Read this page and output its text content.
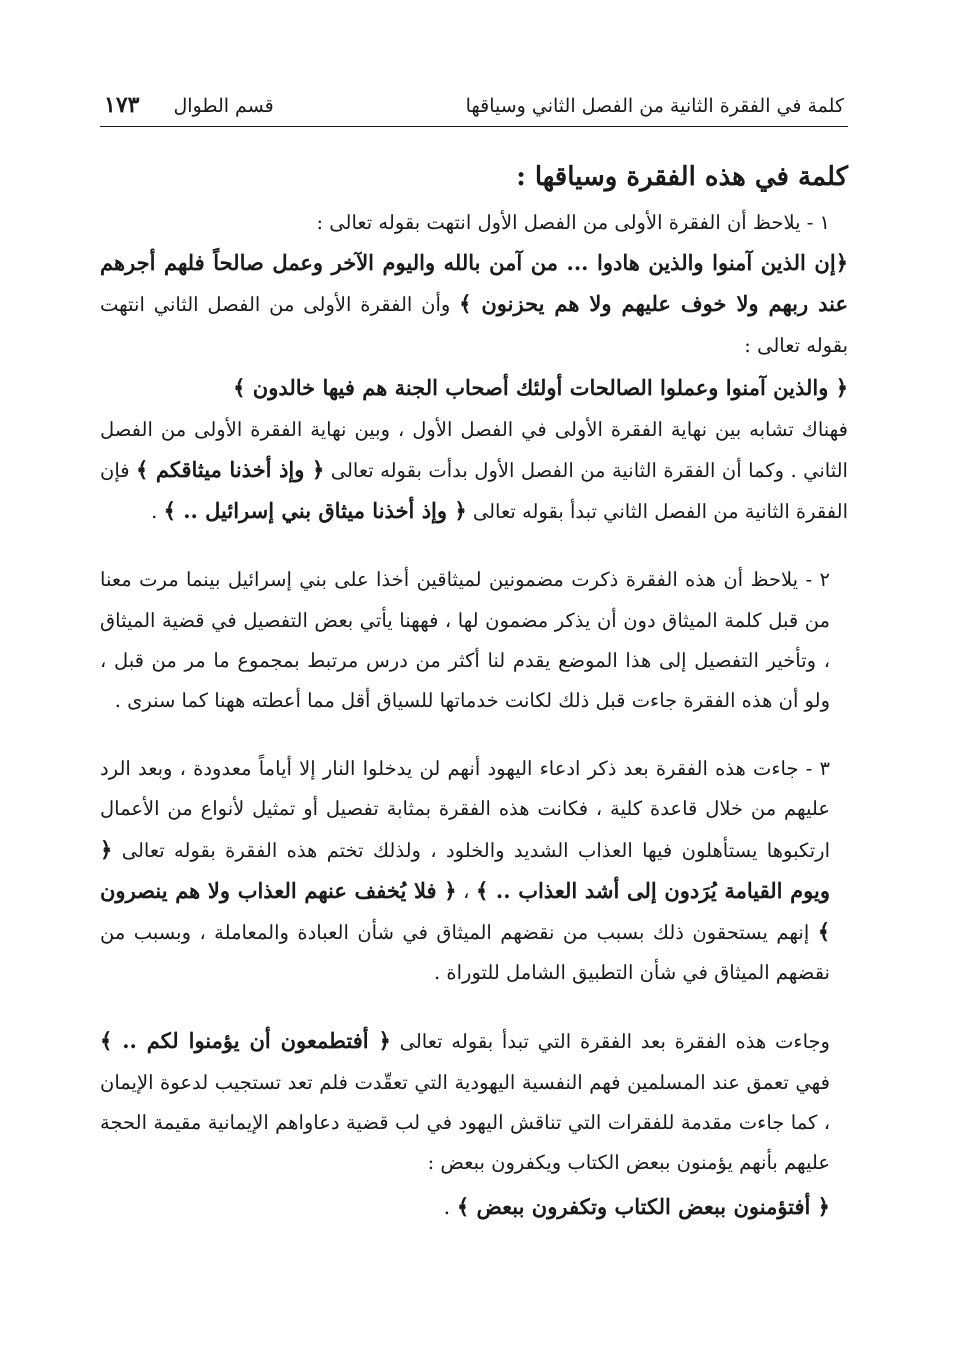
كلمة في الفقرة الثانية من الفصل الثاني وسياقها
قسم الطوال
١٧٣
كلمة في هذه الفقرة وسياقها :

١ - يلاحظ أن الفقرة الأولى من الفصل الأول انتهت بقوله تعالى :

﴿إن الذين آمنوا والذين هادوا ... من آمن بالله واليوم الآخر وعمل صالحاً فلهم أجرهم عند ربهم ولا خوف عليهم ولا هم يحزنون ﴾ وأن الفقرة الأولى من الفصل الثاني انتهت بقوله تعالى :

﴿ والذين آمنوا وعملوا الصالحات أولئك أصحاب الجنة هم فيها خالدون ﴾

فهناك تشابه بين نهاية الفقرة الأولى في الفصل الأول ، وبين نهاية الفقرة الأولى من الفصل الثاني . وكما أن الفقرة الثانية من الفصل الأول بدأت بقوله تعالى ﴿ وإذ أخذنا ميثاقكم ﴾ فإن الفقرة الثانية من الفصل الثاني تبدأ بقوله تعالى ﴿ وإذ أخذنا ميثاق بني إسرائيل .. ﴾ .

٢ - يلاحظ أن هذه الفقرة ذكرت مضمونين لميثاقين أخذا على بني إسرائيل بينما مرت معنا من قبل كلمة الميثاق دون أن يذكر مضمون لها ، فههنا يأتي بعض التفصيل في قضية الميثاق ، وتأخير التفصيل إلى هذا الموضع يقدم لنا أكثر من درس مرتبط بمجموع ما مر من قبل ، ولو أن هذه الفقرة جاءت قبل ذلك لكانت خدماتها للسياق أقل مما أعطته ههنا كما سنرى .

٣ - جاءت هذه الفقرة بعد ذكر ادعاء اليهود أنهم لن يدخلوا النار إلا أياماً معدودة ، وبعد الرد عليهم من خلال قاعدة كلية ، فكانت هذه الفقرة بمثابة تفصيل أو تمثيل لأنواع من الأعمال ارتكبوها يستأهلون فيها العذاب الشديد والخلود ، ولذلك تختم هذه الفقرة بقوله تعالى ﴿ ويوم القيامة يُرَدون إلى أشد العذاب .. ﴾ ، ﴿ فلا يُخفف عنهم العذاب ولا هم ينصرون ﴾ إنهم يستحقون ذلك بسبب من نقضهم الميثاق في شأن العبادة والمعاملة ، وبسبب من نقضهم الميثاق في شأن التطبيق الشامل للتوراة .

وجاءت هذه الفقرة بعد الفقرة التي تبدأ بقوله تعالى ﴿ أفتطمعون أن يؤمنوا لكم .. ﴾ فهي تعمق عند المسلمين فهم النفسية اليهودية التي تعقّدت فلم تعد تستجيب لدعوة الإيمان ، كما جاءت مقدمة للفقرات التي تناقش اليهود في لب قضية دعاواهم الإيمانية مقيمة الحجة عليهم بأنهم يؤمنون ببعض الكتاب ويكفرون ببعض :

﴿ أفتؤمنون ببعض الكتاب وتكفرون ببعض ﴾ .
